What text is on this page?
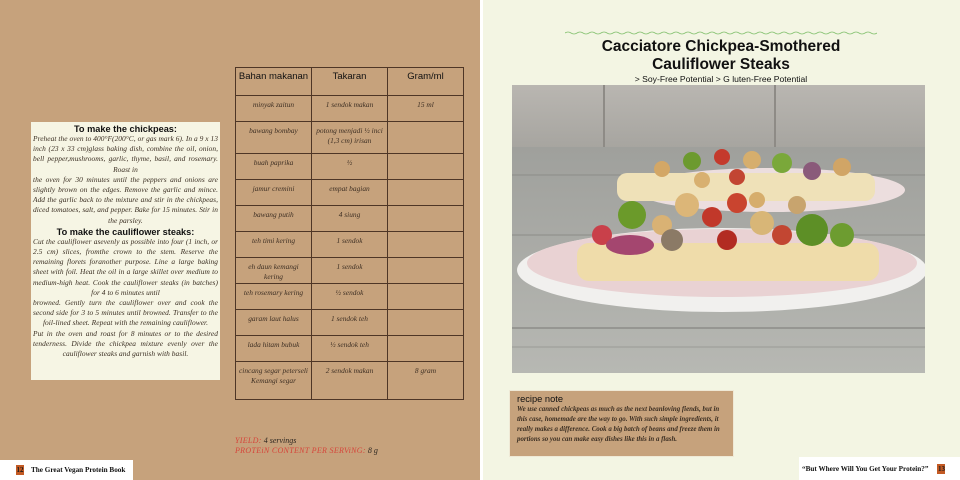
To make the chickpeas:

Preheat the oven to 400°F(200°C, or gas mark 6). In a 9 x 13 inch (23 x 33 cm)glass baking dish, combine the oil, onion, bell pepper,mushrooms, garlic, thyme, basil, and rosemary. Roast in

the oven for 30 minutes until the peppers and onions are slightly brown on the edges. Remove the garlic and mince. Add the garlic back to the mixture and stir in the chickpeas, diced tomatoes, salt, and pepper. Bake for 15 minutes. Stir in the parsley.

To make the cauliflower steaks:

Cut the cauliflower asevenly as possible into four (1 inch, or 2.5 cm) slices, fromthe crown to the stem. Reserve the remaining florets foranother purpose. Line a large baking sheet with foil. Heat the oil in a large skillet over medium to medium-high heat. Cook the cauliflower steaks (in batches) for 4 to 6 minutes until

browned. Gently turn the cauliflower over and cook the second side for 3 to 5 minutes until browned. Transfer to the foil-lined sheet. Repeat with the remaining cauliflower.

Put in the oven and roast for 8 minutes or to the desired tenderness. Divide the chickpea mixture evenly over the cauliflower steaks and garnish with basil.

Bahan makanan	Takaran	Gram/ml
minyak zaitun	1 sendok makan	15 ml
bawang bombay	potong menjadi ½ inci (1,3 cm) irisan	
buah paprika	½	
jamur cremini	empat bagian	
bawang putih	4 siung	
teh timi kering	1 sendok	
eh daun kemangi kering	1 sendok	
teh rosemary kering	½ sendok	
garam laut halus	1 sendok teh	
lada hitam bubuk	½ sendok teh	
cincang segar peterseli Kemangi segar	2 sendok makan	8 gram
YIELD: 4 servings
PROTEiN CONTENT PER SERViNG: 8 g
12 The Great Vegan Protein Book
Cacciatore Chickpea-Smothered
Cauliflower Steaks
> Soy-Free Potential > G luten-Free Potential
recipe note
We use canned chickpeas as much as the next beanloving fiends, but in this case, homemade are the way to go. With such simple ingredients, it really makes a difference. Cook a big batch of beans and freeze them in portions so you can make easy dishes like this in a flash.
“But Where Will You Get Your Protein?” 13
